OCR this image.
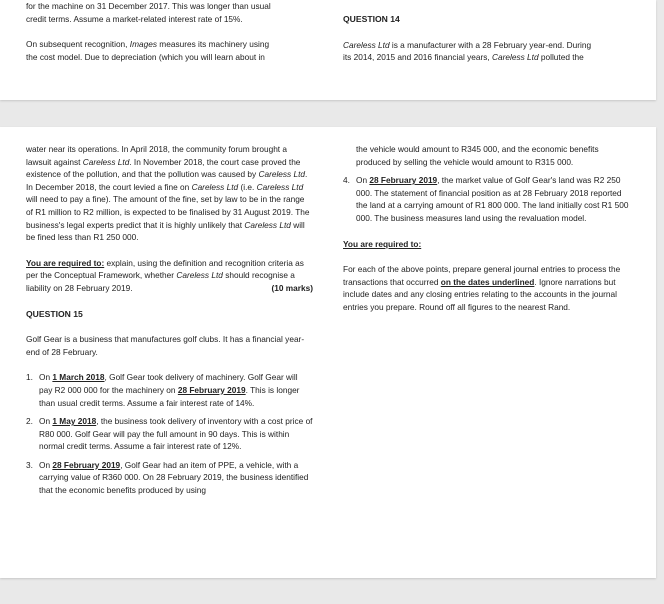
for the machine on 31 December 2017. This was longer than usual

credit terms. Assume a market-related interest rate of 15%.

On subsequent recognition, Images measures its machinery using

the cost model. Due to depreciation (which you will learn about in

QUESTION 14

Careless Ltd is a manufacturer with a 28 February year-end. During

its 2014, 2015 and 2016 financial years, Careless Ltd polluted the

water near its operations. In April 2018, the community forum brought a lawsuit against Careless Ltd. In November 2018, the court case proved the existence of the pollution, and that the pollution was caused by Careless Ltd. In December 2018, the court levied a fine on Careless Ltd (i.e. Careless Ltd will need to pay a fine). The amount of the fine, set by law to be in the range of R1 million to R2 million, is expected to be finalised by 31 August 2019. The business's legal experts predict that it is highly unlikely that Careless Ltd will be fined less than R1 250 000.

You are required to: explain, using the definition and recognition criteria as per the Conceptual Framework, whether Careless Ltd should recognise a liability on 28 February 2019.	(10 marks)

QUESTION 15

Golf Gear is a business that manufactures golf clubs. It has a financial year-end of 28 February.

1. On 1 March 2018, Golf Gear took delivery of machinery. Golf Gear will pay R2 000 000 for the machinery on 28 February 2019. This is longer than usual credit terms. Assume a fair interest rate of 14%.
2. On 1 May 2018, the business took delivery of inventory with a cost price of R80 000. Golf Gear will pay the full amount in 90 days. This is within normal credit terms. Assume a fair interest rate of 12%.
3. On 28 February 2019, Golf Gear had an item of PPE, a vehicle, with a carrying value of R360 000. On 28 February 2019, the business identified that the economic benefits produced by using

the vehicle would amount to R345 000, and the economic benefits produced by selling the vehicle would amount to R315 000.

4. On 28 February 2019, the market value of Golf Gear's land was R2 250 000. The statement of financial position as at 28 February 2018 reported the land at a carrying amount of R1 800 000. The land initially cost R1 500 000. The business measures land using the revaluation model.

You are required to:

For each of the above points, prepare general journal entries to process the transactions that occurred on the dates underlined. Ignore narrations but include dates and any closing entries relating to the accounts in the journal entries you prepare. Round off all figures to the nearest Rand.
